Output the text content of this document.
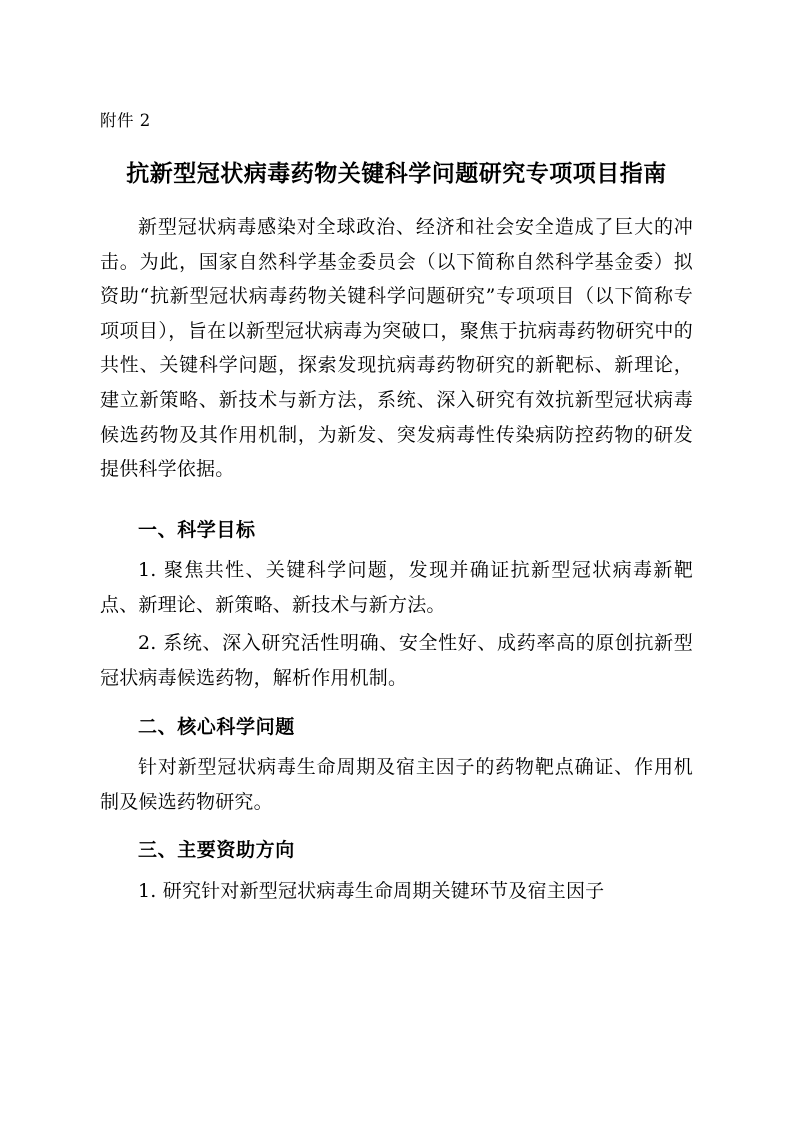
附件 2
抗新型冠状病毒药物关键科学问题研究专项项目指南

新型冠状病毒感染对全球政治、经济和社会安全造成了巨大的冲击。为此，国家自然科学基金委员会（以下简称自然科学基金委）拟资助“抗新型冠状病毒药物关键科学问题研究”专项项目（以下简称专项项目），旨在以新型冠状病毒为突破口，聚焦于抗病毒药物研究中的共性、关键科学问题，探索发现抗病毒药物研究的新靶标、新理论，建立新策略、新技术与新方法，系统、深入研究有效抗新型冠状病毒候选药物及其作用机制，为新发、突发病毒性传染病防控药物的研发提供科学依据。

一、科学目标

1. 聚焦共性、关键科学问题，发现并确证抗新型冠状病毒新靶点、新理论、新策略、新技术与新方法。

2. 系统、深入研究活性明确、安全性好、成药率高的原创抗新型冠状病毒候选药物，解析作用机制。

二、核心科学问题

针对新型冠状病毒生命周期及宿主因子的药物靶点确证、作用机制及候选药物研究。

三、主要资助方向

1. 研究针对新型冠状病毒生命周期关键环节及宿主因子
